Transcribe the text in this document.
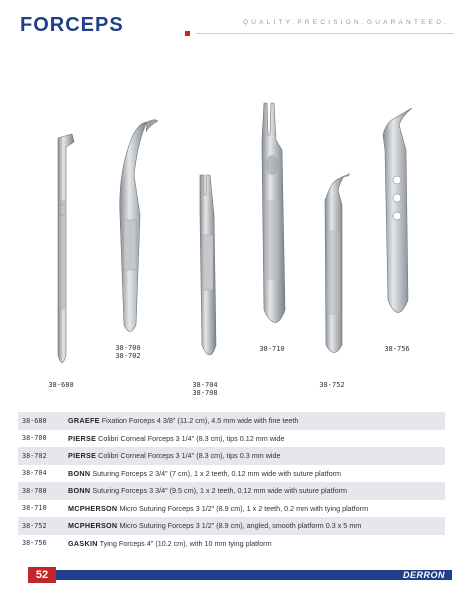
FORCEPS	QUALITY.PRECISION.GUARANTEED.
38-680
38-700
38-702
38-704
38-708
38-710
38-752
38-756
38-680	GRAEFE Fixation Forceps 4 3/8" (11.2 cm), 4.5 mm wide with fine teeth
38-700	PIERSE Colibri Corneal Forceps 3 1/4" (8.3 cm), tips 0.12 mm wide
38-702	PIERSE Colibri Corneal Forceps 3 1/4" (8.3 cm), tips 0.3 mm wide
38-704	BONN Suturing Forceps 2 3/4" (7 cm), 1 x 2 teeth, 0.12 mm wide with suture platform
38-708	BONN Suturing Forceps 3 3/4" (9.5 cm), 1 x 2 teeth, 0.12 mm wide with suture platform
38-710	MCPHERSON Micro Suturing Forceps 3 1/2" (8.9 cm), 1 x 2 teeth, 0.2 mm with tying platform
38-752	MCPHERSON Micro Suturing Forceps 3 1/2" (8.9 cm), angled, smooth platform 0.3 x 5 mm
38-756	GASKIN Tying Forceps 4" (10.2 cm), with 10 mm tying platform
52	DERRON
